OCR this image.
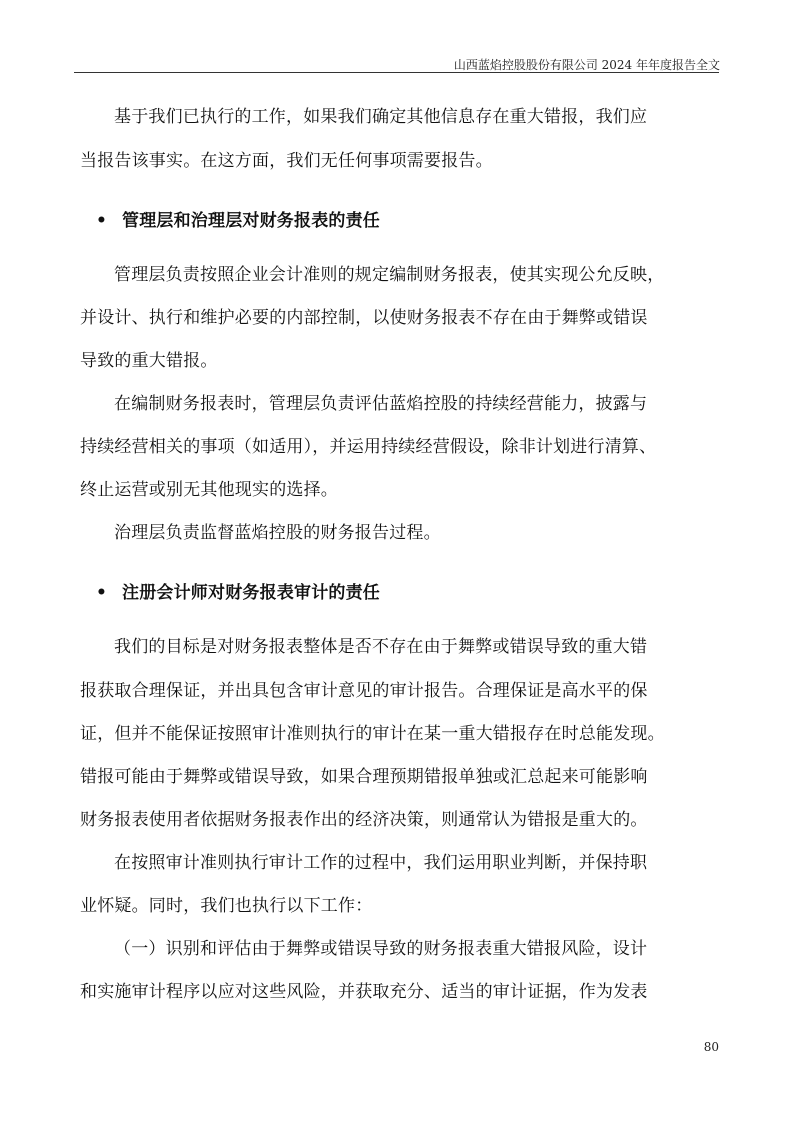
山西蓝焰控股股份有限公司 2024 年年度报告全文
基于我们已执行的工作，如果我们确定其他信息存在重大错报，我们应
当报告该事实。在这方面，我们无任何事项需要报告。
• 管理层和治理层对财务报表的责任
管理层负责按照企业会计准则的规定编制财务报表，使其实现公允反映，
并设计、执行和维护必要的内部控制，以使财务报表不存在由于舞弊或错误
导致的重大错报。
在编制财务报表时，管理层负责评估蓝焰控股的持续经营能力，披露与
持续经营相关的事项（如适用），并运用持续经营假设，除非计划进行清算、
终止运营或别无其他现实的选择。
治理层负责监督蓝焰控股的财务报告过程。
• 注册会计师对财务报表审计的责任
我们的目标是对财务报表整体是否不存在由于舞弊或错误导致的重大错
报获取合理保证，并出具包含审计意见的审计报告。合理保证是高水平的保
证，但并不能保证按照审计准则执行的审计在某一重大错报存在时总能发现。
错报可能由于舞弊或错误导致，如果合理预期错报单独或汇总起来可能影响
财务报表使用者依据财务报表作出的经济决策，则通常认为错报是重大的。
在按照审计准则执行审计工作的过程中，我们运用职业判断，并保持职
业怀疑。同时，我们也执行以下工作：
（一）识别和评估由于舞弊或错误导致的财务报表重大错报风险，设计
和实施审计程序以应对这些风险，并获取充分、适当的审计证据，作为发表
80
